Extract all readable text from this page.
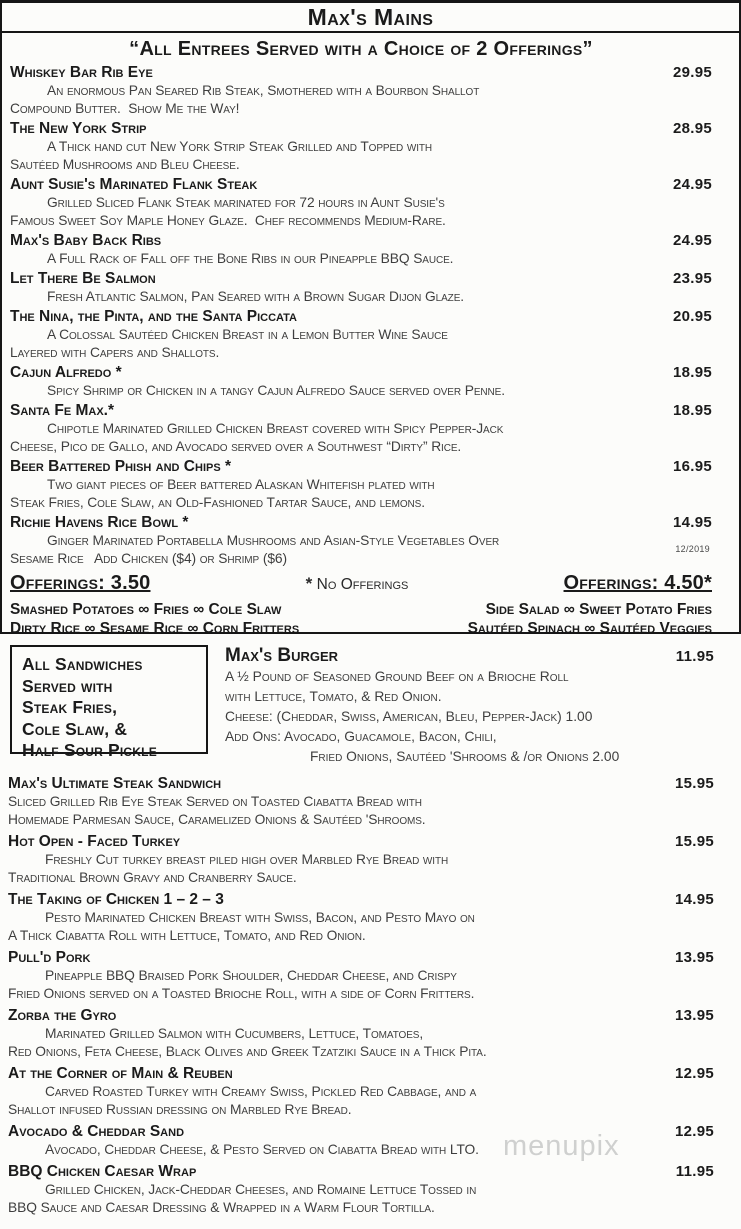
Max's Mains
“All Entrees Served with a Choice of 2 Offerings”
Whiskey Bar Rib Eye	29.95
An enormous Pan Seared Rib Steak, Smothered with a Bourbon Shallot
Compound Butter.  Show Me the Way!
The New York Strip	28.95
A Thick hand cut New York Strip Steak Grilled and Topped with
Sautéed Mushrooms and Bleu Cheese.
Aunt Susie's Marinated Flank Steak	24.95
Grilled Sliced Flank Steak marinated for 72 hours in Aunt Susie's
Famous Sweet Soy Maple Honey Glaze.  Chef recommends Medium-Rare.
Max's Baby Back Ribs	24.95
A Full Rack of Fall off the Bone Ribs in our Pineapple BBQ Sauce.
Let There Be Salmon	23.95
Fresh Atlantic Salmon, Pan Seared with a Brown Sugar Dijon Glaze.
The Nina, the Pinta, and the Santa Piccata	20.95
A Colossal Sautéed Chicken Breast in a Lemon Butter Wine Sauce
Layered with Capers and Shallots.
Cajun Alfredo *	18.95
Spicy Shrimp or Chicken in a tangy Cajun Alfredo Sauce served over Penne.
Santa Fe Max.*	18.95
Chipotle Marinated Grilled Chicken Breast covered with Spicy Pepper-Jack
Cheese, Pico de Gallo, and Avocado served over a Southwest “Dirty” Rice.
Beer Battered Phish and Chips *	16.95
Two giant pieces of Beer battered Alaskan Whitefish plated with
Steak Fries, Cole Slaw, an Old-Fashioned Tartar Sauce, and lemons.
Richie Havens Rice Bowl *	14.95
Ginger Marinated Portabella Mushrooms and Asian-Style Vegetables Over
Sesame Rice   Add Chicken ($4) or Shrimp ($6)
Offerings: 3.50	* No Offerings	Offerings: 4.50*
Smashed Potatoes ∞ Fries ∞ Cole Slaw
Dirty Rice ∞ Sesame Rice ∞ Corn Fritters
Side Salad ∞ Sweet Potato Fries
Sautéed Spinach ∞ Sautéed Veggies
12/2019
All Sandwiches
Served with
Steak Fries,
Cole Slaw, &
Half Sour Pickle
Max's Burger	11.95
A ½ Pound of Seasoned Ground Beef on a Brioche Roll
with Lettuce, Tomato, & Red Onion.
Cheese: (Cheddar, Swiss, American, Bleu, Pepper-Jack) 1.00
Add Ons: Avocado, Guacamole, Bacon, Chili,
Fried Onions, Sautéed 'Shrooms & /or Onions 2.00
Max's Ultimate Steak Sandwich	15.95
Sliced Grilled Rib Eye Steak Served on Toasted Ciabatta Bread with
Homemade Parmesan Sauce, Caramelized Onions & Sautéed 'Shrooms.
Hot Open - Faced Turkey	15.95
Freshly Cut turkey breast piled high over Marbled Rye Bread with
Traditional Brown Gravy and Cranberry Sauce.
The Taking of Chicken 1 – 2 – 3	14.95
Pesto Marinated Chicken Breast with Swiss, Bacon, and Pesto Mayo on
A Thick Ciabatta Roll with Lettuce, Tomato, and Red Onion.
Pull'd Pork	13.95
Pineapple BBQ Braised Pork Shoulder, Cheddar Cheese, and Crispy
Fried Onions served on a Toasted Brioche Roll, with a side of Corn Fritters.
Zorba the Gyro	13.95
Marinated Grilled Salmon with Cucumbers, Lettuce, Tomatoes,
Red Onions, Feta Cheese, Black Olives and Greek Tzatziki Sauce in a Thick Pita.
At the Corner of Main & Reuben	12.95
Carved Roasted Turkey with Creamy Swiss, Pickled Red Cabbage, and a
Shallot infused Russian dressing on Marbled Rye Bread.
Avocado & Cheddar Sand	12.95
Avocado, Cheddar Cheese, & Pesto Served on Ciabatta Bread with LTO.
BBQ Chicken Caesar Wrap	11.95
Grilled Chicken, Jack-Cheddar Cheeses, and Romaine Lettuce Tossed in
BBQ Sauce and Caesar Dressing & Wrapped in a Warm Flour Tortilla.
menupix
